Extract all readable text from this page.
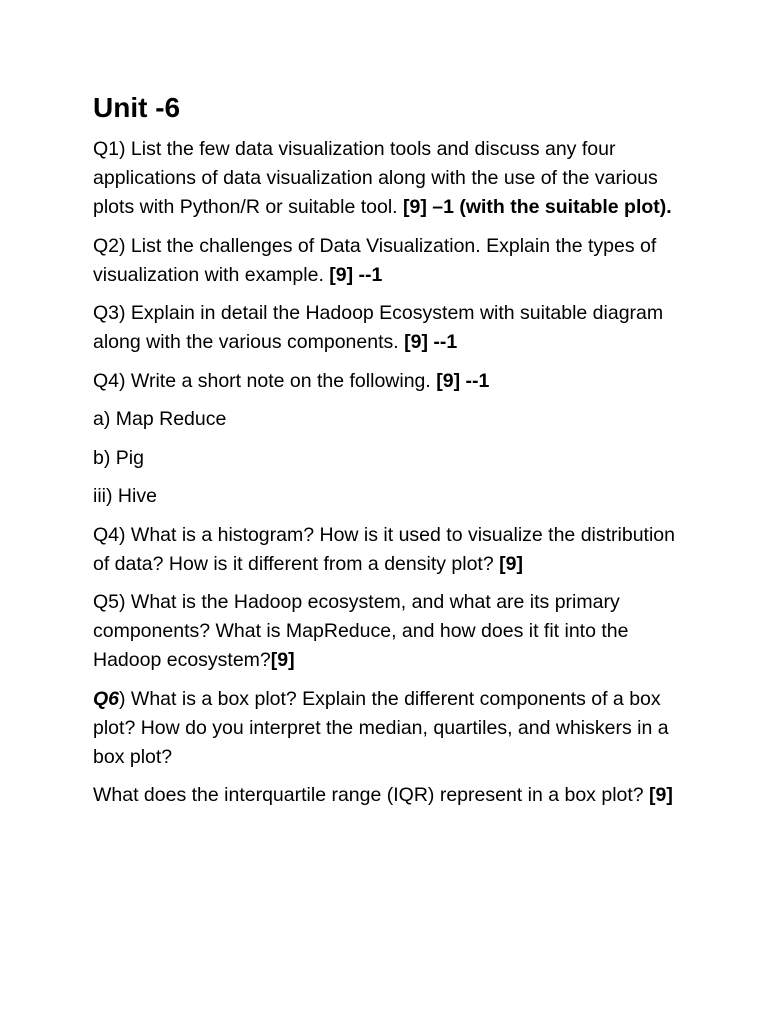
Unit -6

Q1) List the few data visualization tools and discuss any four applications of data visualization along with the use of the various plots with Python/R or suitable tool. [9] –1 (with the suitable plot).

Q2) List the challenges of Data Visualization. Explain the types of visualization with example. [9] --1

Q3) Explain in detail the Hadoop Ecosystem with suitable diagram along with the various components. [9] --1

Q4) Write a short note on the following. [9] --1

a) Map Reduce

b) Pig

iii) Hive

Q4) What is a histogram? How is it used to visualize the distribution of data? How is it different from a density plot? [9]

Q5) What is the Hadoop ecosystem, and what are its primary components? What is MapReduce, and how does it fit into the Hadoop ecosystem?[9]

Q6) What is a box plot? Explain the different components of a box plot? How do you interpret the median, quartiles, and whiskers in a box plot?

What does the interquartile range (IQR) represent in a box plot? [9]
